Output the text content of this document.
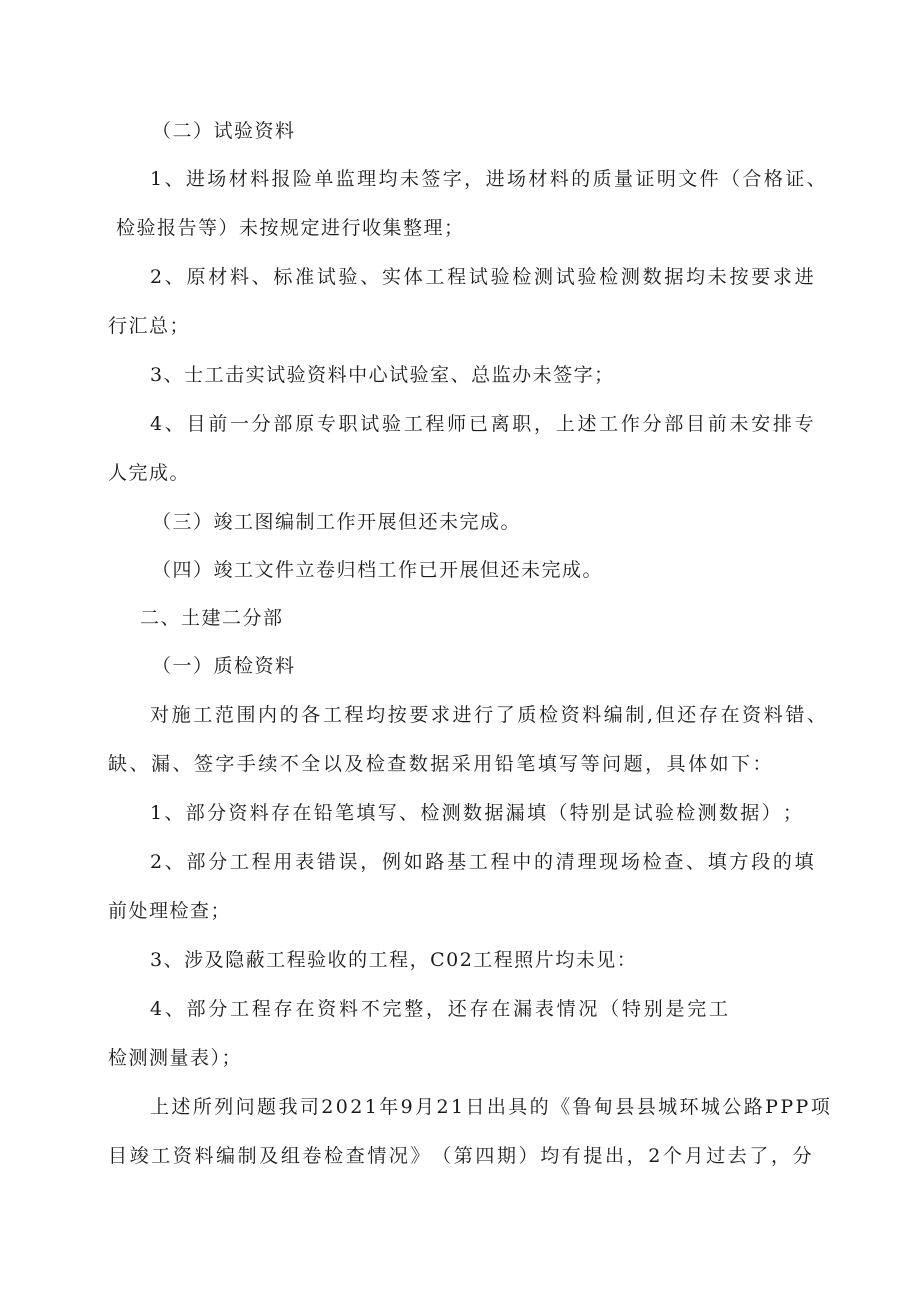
（二）试验资料
1 、 进 场 材 料 报 险 单 监 理 均 未 签 字 ， 进 场 材 料 的 质 量 证 明 文 件 （ 合 格 证 、
检验报告等）未按规定进行收集整理；
2 、 原 材 料 、 标 准 试 验 、 实 体 工 程 试 验 检 测 试 验 检 测 数 据 均 未 按 要 求 进
行汇总；
3、士工击实试验资料中心试验室、总监办未签字；
4 、 目 前 一 分 部 原 专 职 试 验 工 程 师 已 离 职 ， 上 述 工 作 分 部 目 前 未 安 排 专
人完成。
（三）竣工图编制工作开展但还未完成。
（四）竣工文件立卷归档工作已开展但还未完成。
二、土建二分部
（一）质检资料
对 施 工 范 围 内 的 各 工 程 均 按 要 求 进 行 了 质 检 资 料 编 制 , 但 还 存 在 资 料 错 、
缺 、 漏 、 签 字 手 续 不 全 以 及 检 查 数 据 采 用 铅 笔 填 写 等 问 题 ， 具 体 如 下 ：
1 、 部 分 资 料 存 在 铅 笔 填 写 、 检 测 数 据 漏 填 （ 特 别 是 试 验 检 测 数 据 ） ；
2 、 部 分 工 程 用 表 错 误 ， 例 如 路 基 工 程 中 的 清 理 现 场 检 查 、 填 方 段 的 填
前处理检查；
3、涉及隐蔽工程验收的工程，C02工程照片均未见：
4 、 部 分 工 程 存 在 资 料 不 完 整 ， 还 存 在 漏 表 情 况 （ 特 别 是 完 工
检测测量表）；
上 述 所 列 问 题 我 司 2 0 2 1 年 9 月 2 1 日 出 具 的 《 鲁 甸 县 县 城 环 城 公 路 P P P 项
目 竣 工 资 料 编 制 及 组 卷 检 查 情 况 》 （ 第 四 期 ） 均 有 提 出 ， 2 个 月 过 去 了 ， 分
